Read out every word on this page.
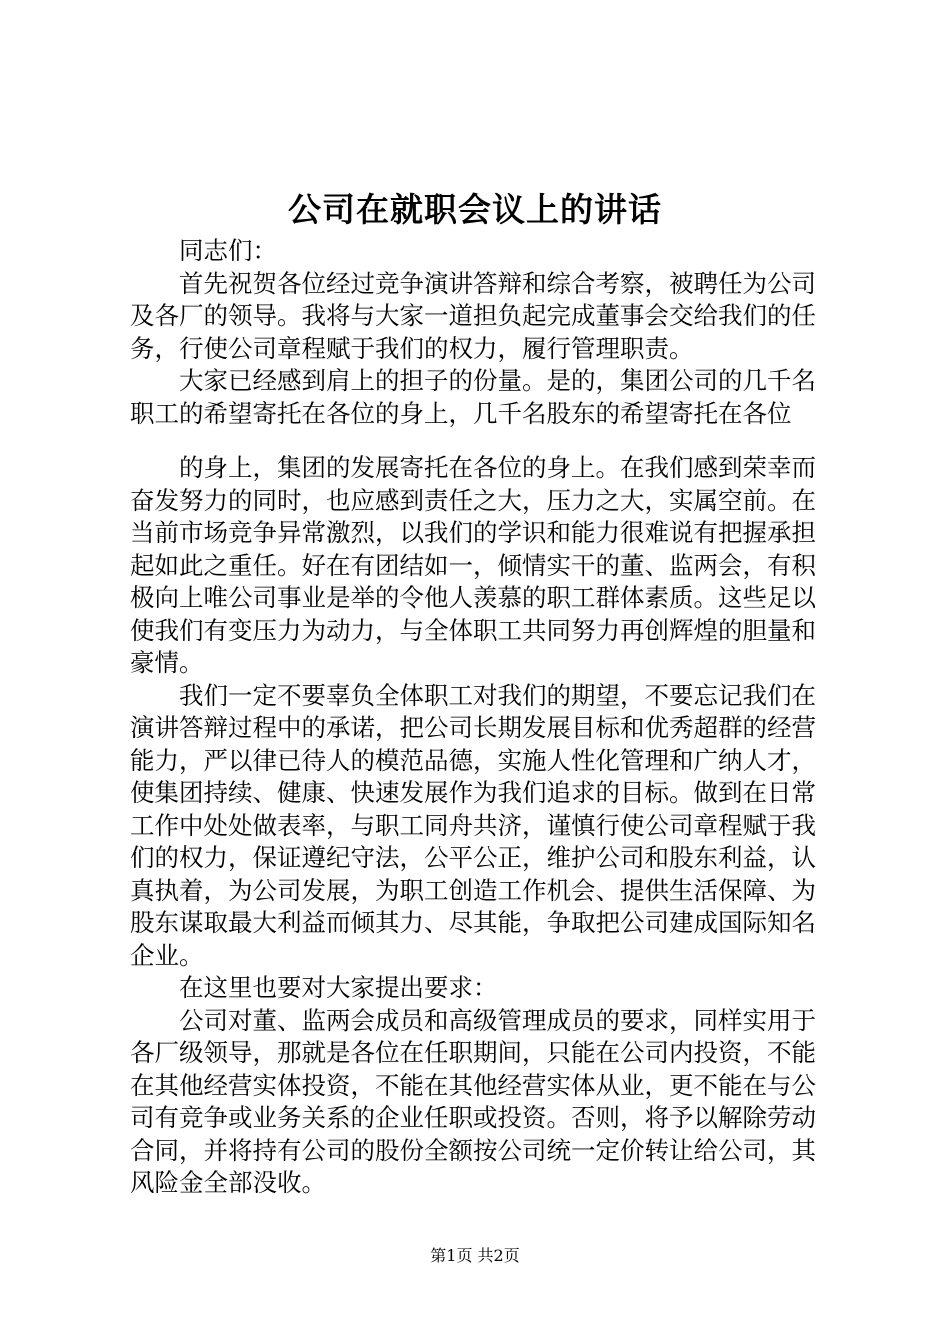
公司在就职会议上的讲话

同志们：

首先祝贺各位经过竞争演讲答辩和综合考察，被聘任为公司及各厂的领导。我将与大家一道担负起完成董事会交给我们的任务，行使公司章程赋于我们的权力，履行管理职责。

大家已经感到肩上的担子的份量。是的，集团公司的几千名职工的希望寄托在各位的身上，几千名股东的希望寄托在各位

的身上，集团的发展寄托在各位的身上。在我们感到荣幸而奋发努力的同时，也应感到责任之大，压力之大，实属空前。在当前市场竞争异常激烈，以我们的学识和能力很难说有把握承担起如此之重任。好在有团结如一，倾情实干的董、监两会，有积极向上唯公司事业是举的令他人羡慕的职工群体素质。这些足以使我们有变压力为动力，与全体职工共同努力再创辉煌的胆量和豪情。

我们一定不要辜负全体职工对我们的期望，不要忘记我们在演讲答辩过程中的承诺，把公司长期发展目标和优秀超群的经营能力，严以律已待人的模范品德，实施人性化管理和广纳人才，使集团持续、健康、快速发展作为我们追求的目标。做到在日常工作中处处做表率，与职工同舟共济，谨慎行使公司章程赋于我们的权力，保证遵纪守法，公平公正，维护公司和股东利益，认真执着，为公司发展，为职工创造工作机会、提供生活保障、为股东谋取最大利益而倾其力、尽其能，争取把公司建成国际知名企业。

在这里也要对大家提出要求：

公司对董、监两会成员和高级管理成员的要求，同样实用于各厂级领导，那就是各位在任职期间，只能在公司内投资，不能在其他经营实体投资，不能在其他经营实体从业，更不能在与公司有竞争或业务关系的企业任职或投资。否则，将予以解除劳动合同，并将持有公司的股份全额按公司统一定价转让给公司，其风险金全部没收。

第1页 共2页
